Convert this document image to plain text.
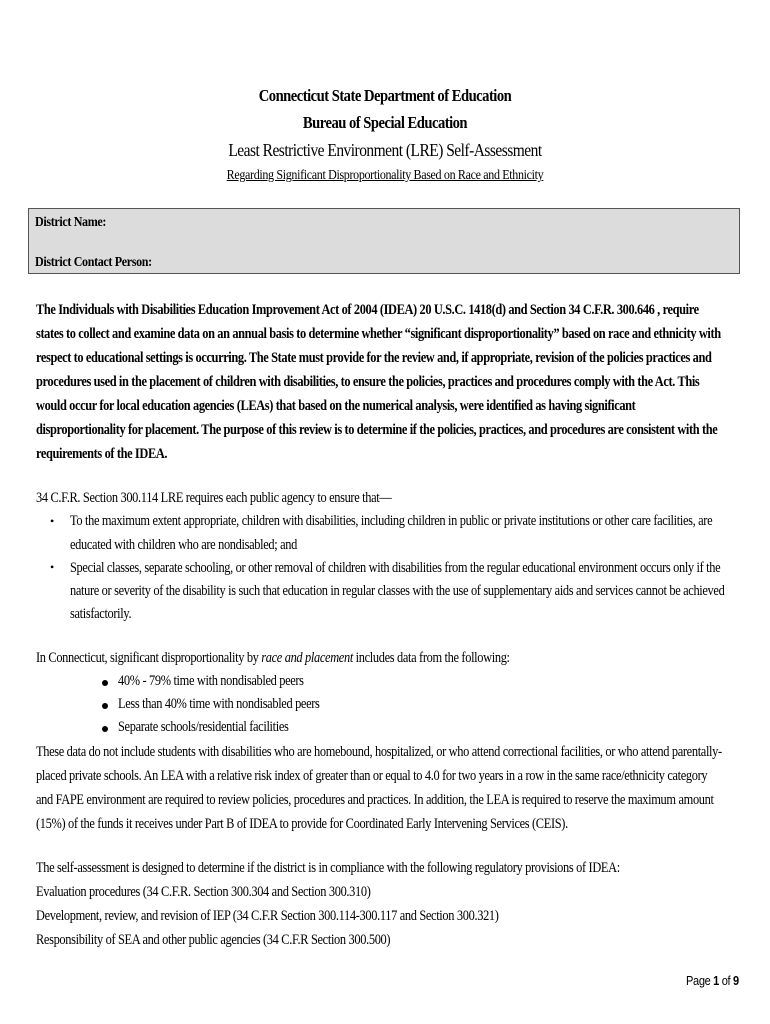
Connecticut State Department of Education
Bureau of Special Education
Least Restrictive Environment (LRE) Self-Assessment
Regarding Significant Disproportionality Based on Race and Ethnicity
District Name:
District Contact Person:
The Individuals with Disabilities Education Improvement Act of 2004 (IDEA) 20 U.S.C. 1418(d) and Section 34 C.F.R. 300.646 , require
states to collect and examine data on an annual basis to determine whether “significant disproportionality” based on race and ethnicity with
respect to educational settings is occurring. The State must provide for the review and, if appropriate, revision of the policies practices and
procedures used in the placement of children with disabilities, to ensure the policies, practices and procedures comply with the Act. This
would occur for local education agencies (LEAs) that based on the numerical analysis, were identified as having significant
disproportionality for placement. The purpose of this review is to determine if the policies, practices, and procedures are consistent with the
requirements of the IDEA.
34 C.F.R. Section 300.114 LRE requires each public agency to ensure that—
• To the maximum extent appropriate, children with disabilities, including children in public or private institutions or other care facilities, are
educated with children who are nondisabled; and
• Special classes, separate schooling, or other removal of children with disabilities from the regular educational environment occurs only if the
nature or severity of the disability is such that education in regular classes with the use of supplementary aids and services cannot be achieved
satisfactorily.
In Connecticut, significant disproportionality by race and placement includes data from the following:
40% - 79% time with nondisabled peers
Less than 40% time with nondisabled peers
Separate schools/residential facilities
These data do not include students with disabilities who are homebound, hospitalized, or who attend correctional facilities, or who attend parentally-
placed private schools. An LEA with a relative risk index of greater than or equal to 4.0 for two years in a row in the same race/ethnicity category
and FAPE environment are required to review policies, procedures and practices. In addition, the LEA is required to reserve the maximum amount
(15%) of the funds it receives under Part B of IDEA to provide for Coordinated Early Intervening Services (CEIS).
The self-assessment is designed to determine if the district is in compliance with the following regulatory provisions of IDEA:
Evaluation procedures (34 C.F.R. Section 300.304 and Section 300.310)
Development, review, and revision of IEP (34 C.F.R Section 300.114-300.117 and Section 300.321)
Responsibility of SEA and other public agencies (34 C.F.R Section 300.500)
Page 1 of 9
